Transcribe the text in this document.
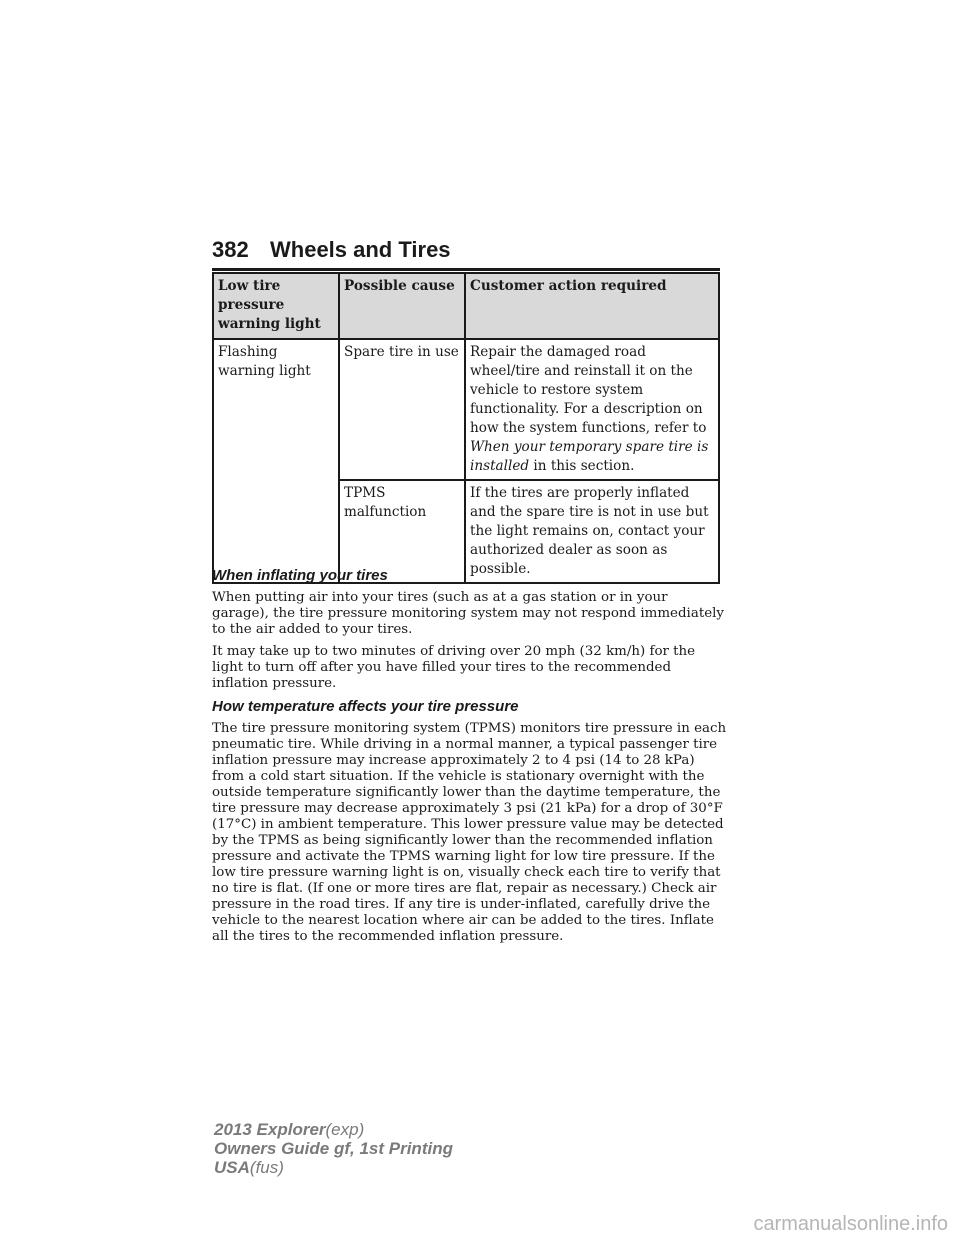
382 Wheels and Tires
Low tire pressure warning light	Possible cause	Customer action required
Flashing warning light	Spare tire in use	Repair the damaged road wheel/tire and reinstall it on the vehicle to restore system functionality. For a description on how the system functions, refer to When your temporary spare tire is installed in this section.
	TPMS malfunction	If the tires are properly inflated and the spare tire is not in use but the light remains on, contact your authorized dealer as soon as possible.
When inflating your tires

When putting air into your tires (such as at a gas station or in your garage), the tire pressure monitoring system may not respond immediately to the air added to your tires.

It may take up to two minutes of driving over 20 mph (32 km/h) for the light to turn off after you have filled your tires to the recommended inflation pressure.

How temperature affects your tire pressure

The tire pressure monitoring system (TPMS) monitors tire pressure in each pneumatic tire. While driving in a normal manner, a typical passenger tire inflation pressure may increase approximately 2 to 4 psi (14 to 28 kPa) from a cold start situation. If the vehicle is stationary overnight with the outside temperature significantly lower than the daytime temperature, the tire pressure may decrease approximately 3 psi (21 kPa) for a drop of 30°F (17°C) in ambient temperature. This lower pressure value may be detected by the TPMS as being significantly lower than the recommended inflation pressure and activate the TPMS warning light for low tire pressure. If the low tire pressure warning light is on, visually check each tire to verify that no tire is flat. (If one or more tires are flat, repair as necessary.) Check air pressure in the road tires. If any tire is under-inflated, carefully drive the vehicle to the nearest location where air can be added to the tires. Inflate all the tires to the recommended inflation pressure.

2013 Explorer(exp)
Owners Guide gf, 1st Printing
USA(fus)
carmanualsonline.info
